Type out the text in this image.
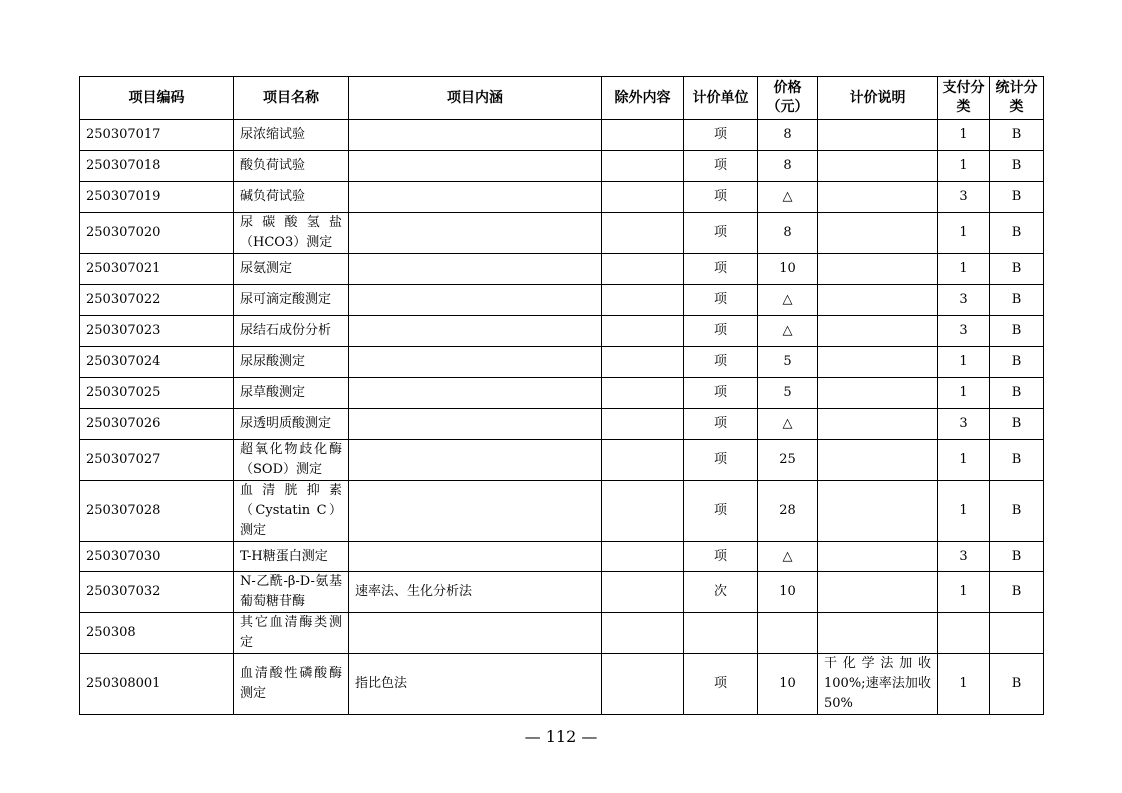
项目编码	项目名称	项目内涵	除外内容	计价单位	价格（元）	计价说明	支付分类	统计分类
250307017	尿浓缩试验			项	8		1	B
250307018	酸负荷试验			项	8		1	B
250307019	碱负荷试验			项	△		3	B
250307020	尿碳酸氢盐（HCO3）测定			项	8		1	B
250307021	尿氨测定			项	10		1	B
250307022	尿可滴定酸测定			项	△		3	B
250307023	尿结石成份分析			项	△		3	B
250307024	尿尿酸测定			项	5		1	B
250307025	尿草酸测定			项	5		1	B
250307026	尿透明质酸测定			项	△		3	B
250307027	超氧化物歧化酶（SOD）测定			项	25		1	B
250307028	血清胱抑素（Cystatin C）测定			项	28		1	B
250307030	T-H糖蛋白测定			项	△		3	B
250307032	N-乙酰-β-D-氨基葡萄糖苷酶	速率法、生化分析法		次	10		1	B
250308	其它血清酶类测定							
250308001	血清酸性磷酸酶测定	指比色法		项	10	干化学法加收100%;速率法加收50%	1	B
— 112 —
